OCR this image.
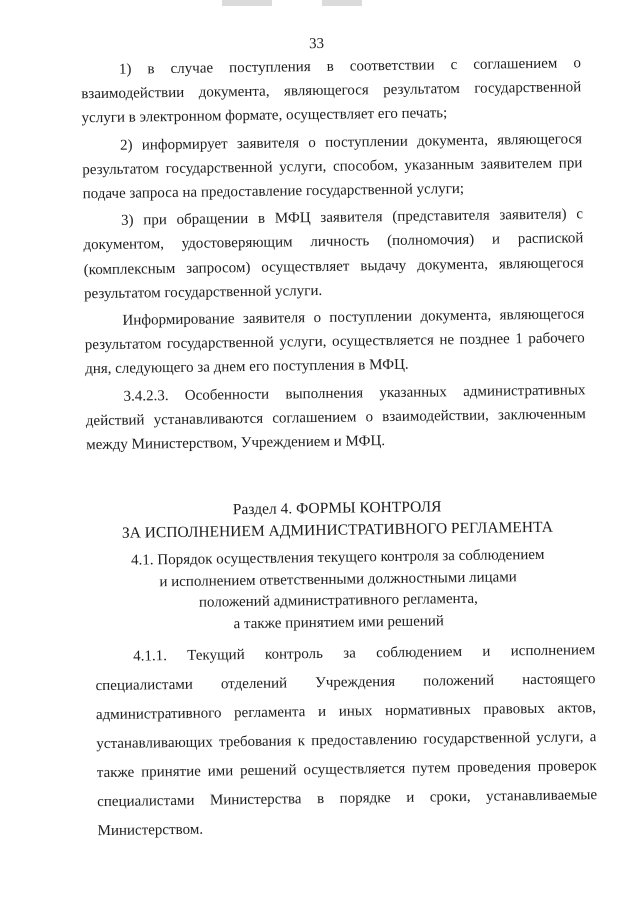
33

1) в случае поступления в соответствии с соглашением о взаимодействии документа, являющегося результатом государственной услуги в электронном формате, осуществляет его печать;

2) информирует заявителя о поступлении документа, являющегося результатом государственной услуги, способом, указанным заявителем при подаче запроса на предоставление государственной услуги;

3) при обращении в МФЦ заявителя (представителя заявителя) с документом, удостоверяющим личность (полномочия) и распиской (комплексным запросом) осуществляет выдачу документа, являющегося результатом государственной услуги.

Информирование заявителя о поступлении документа, являющегося результатом государственной услуги, осуществляется не позднее 1 рабочего дня, следующего за днем его поступления в МФЦ.

3.4.2.3. Особенности выполнения указанных административных действий устанавливаются соглашением о взаимодействии, заключенным между Министерством, Учреждением и МФЦ.

Раздел 4. ФОРМЫ КОНТРОЛЯ
ЗА ИСПОЛНЕНИЕМ АДМИНИСТРАТИВНОГО РЕГЛАМЕНТА
4.1. Порядок осуществления текущего контроля за соблюдением
и исполнением ответственными должностными лицами
положений административного регламента,
а также принятием ими решений

4.1.1. Текущий контроль за соблюдением и исполнением специалистами отделений Учреждения положений настоящего административного регламента и иных нормативных правовых актов, устанавливающих требования к предоставлению государственной услуги, а также принятие ими решений осуществляется путем проведения проверок специалистами Министерства в порядке и сроки, устанавливаемые Министерством.
